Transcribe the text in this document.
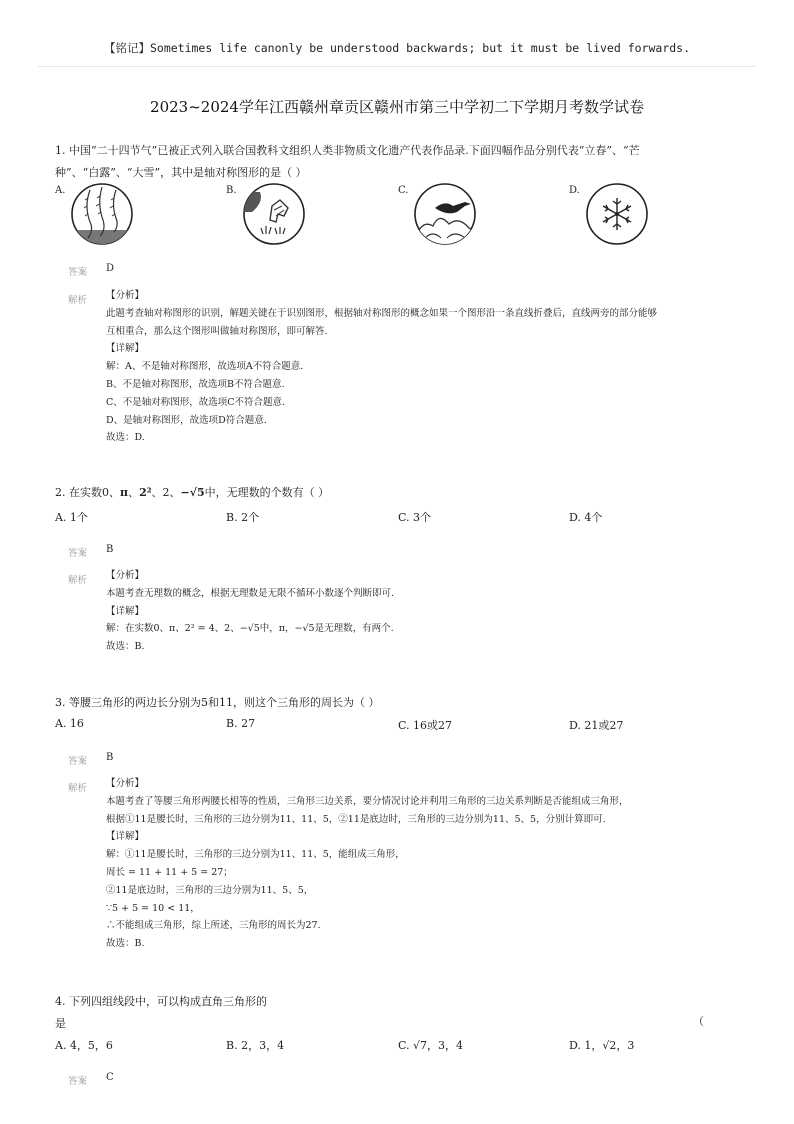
【铭记】Sometimes life canonly be understood backwards; but it must be lived forwards.
2023~2024学年江西赣州章贡区赣州市第三中学初二下学期月考数学试卷

1. 中国“二十四节气”已被正式列入联合国教科文组织人类非物质文化遗产代表作品录.下面四幅作品分别代表“立春”、“芒

种”、“白露”、“大雪”，其中是轴对称图形的是（ ）

A.	B.	C.	D.
答案 D
解析 【分析】

此题考查轴对称图形的识别，解题关键在于识别图形，根据轴对称图形的概念如果一个图形沿一条直线折叠后，直线两旁的部分能够

互相重合，那么这个图形叫做轴对称图形，即可解答.

【详解】

解：A、不是轴对称图形，故选项A不符合题意.

B、不是轴对称图形，故选项B不符合题意.

C、不是轴对称图形，故选项C不符合题意.

D、是轴对称图形，故选项D符合题意.

故选：D.

2. 在实数0、π、2²、2、−√5中，无理数的个数有（ ）

A. 1个	B. 2个	C. 3个	D. 4个
答案 B
解析 【分析】

本题考查无理数的概念，根据无理数是无限不循环小数逐个判断即可.

【详解】

解：在实数0、π、2² = 4、2、−√5中，π，−√5是无理数，有两个.

故选：B.

3. 等腰三角形的两边长分别为5和11，则这个三角形的周长为（ ）

A. 16	B. 27	C. 16或27	D. 21或27
答案 B
解析 【分析】

本题考查了等腰三角形两腰长相等的性质，三角形三边关系，要分情况讨论并利用三角形的三边关系判断是否能组成三角形，

根据①11是腰长时，三角形的三边分别为11、11、5，②11是底边时，三角形的三边分别为11、5、5，分别计算即可.

【详解】

解：①11是腰长时，三角形的三边分别为11、11、5，能组成三角形，

周长 = 11 + 11 + 5 = 27；

②11是底边时，三角形的三边分别为11、5、5，

∵5 + 5 = 10 < 11，

∴不能组成三角形，综上所述，三角形的周长为27.

故选：B.

4. 下列四组线段中，可以构成直角三角形的

是	（
A. 4，5，6	B. 2，3，4	C. √7，3，4	D. 1，√2，3
答案 C
